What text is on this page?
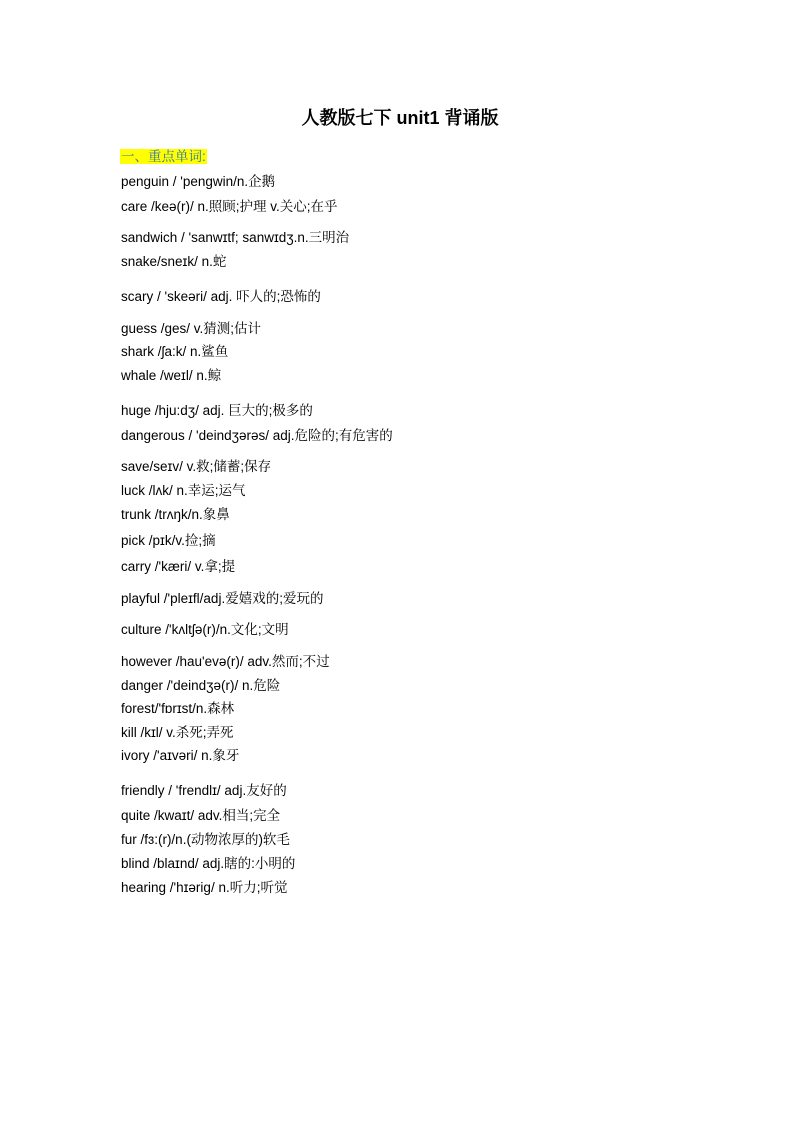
人教版七下 unit1 背诵版
一、重点单词:
penguin / 'pengwin/n.企鹅
care /keə(r)/ n.照顾;护理 v.关心;在乎
sandwich / 'sanwɪtf; sanwɪdʒ.n.三明治
snake/sneɪk/ n.蛇
scary / 'skeəri/ adj. 吓人的;恐怖的
guess /ges/ v.猜测;估计
shark /ʃa:k/ n.鲨鱼
whale /weɪl/ n.鲸
huge /hju:dʒ/ adj. 巨大的;极多的
dangerous / 'deindʒərəs/ adj.危险的;有危害的
save/seɪv/ v.救;储蓄;保存
luck /lʌk/ n.幸运;运气
trunk /trʌŋk/n.象鼻
pick /pɪk/v.捡;摘
carry /'kæri/ v.拿;提
playful /'pleɪfl/adj.爱嬉戏的;爱玩的
culture /'kʌltʃə(r)/n.文化;文明
however /hau'evə(r)/ adv.然而;不过
danger /'deindʒə(r)/ n.危险
forest/'fɒrɪst/n.森林
kill /kɪl/ v.杀死;弄死
ivory /'aɪvəri/ n.象牙
friendly / 'frendlɪ/ adj.友好的
quite /kwaɪt/ adv.相当;完全
fur /fɜ:(r)/n.(动物浓厚的)软毛
blind /blaɪnd/ adj.瞎的:小明的
hearing /'hɪərig/ n.听力;听觉
